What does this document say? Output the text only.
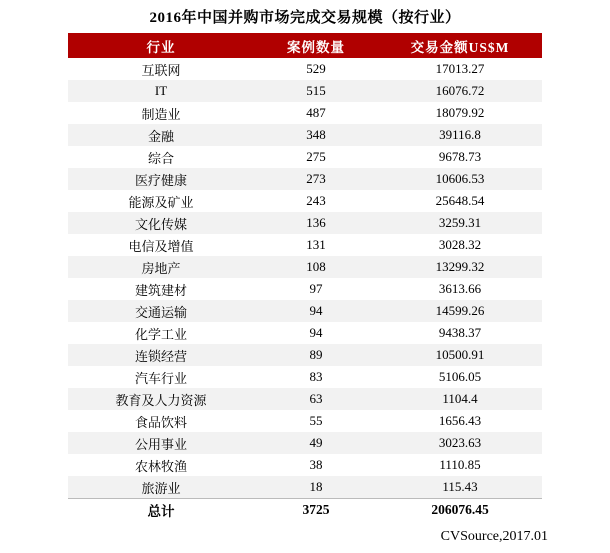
2016年中国并购市场完成交易规模（按行业）
行业	案例数量	交易金额US$M
互联网	529	17013.27
IT	515	16076.72
制造业	487	18079.92
金融	348	39116.8
综合	275	9678.73
医疗健康	273	10606.53
能源及矿业	243	25648.54
文化传媒	136	3259.31
电信及增值	131	3028.32
房地产	108	13299.32
建筑建材	97	3613.66
交通运输	94	14599.26
化学工业	94	9438.37
连锁经营	89	10500.91
汽车行业	83	5106.05
教育及人力资源	63	1104.4
食品饮料	55	1656.43
公用事业	49	3023.63
农林牧渔	38	1110.85
旅游业	18	115.43
总计	3725	206076.45
CVSource,2017.01
